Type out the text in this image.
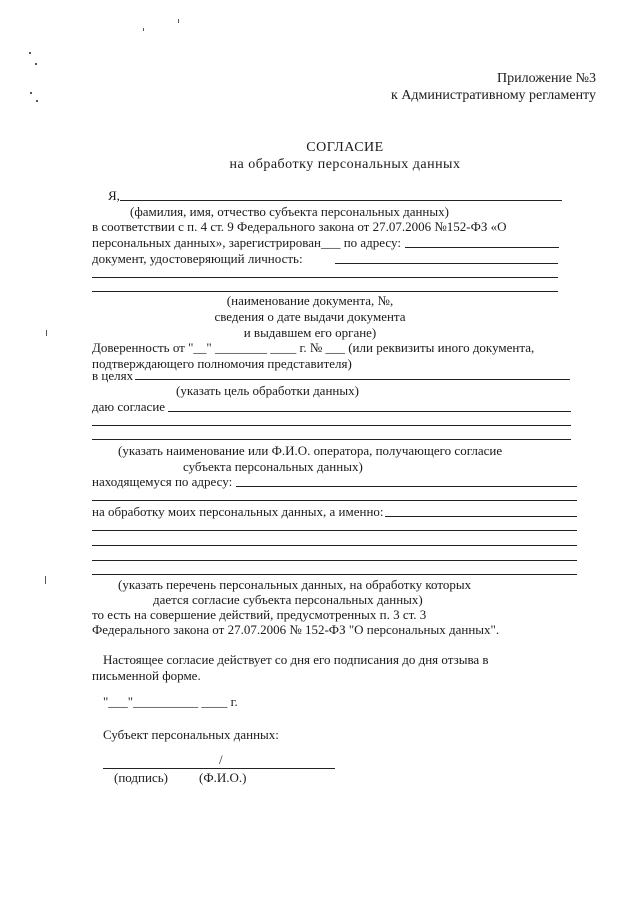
Приложение №3
к Административному регламенту
СОГЛАСИЕ
на обработку персональных данных
Я,
(фамилия, имя, отчество субъекта персональных данных)
в соответствии с п. 4 ст. 9 Федерального закона от 27.07.2006 №152-ФЗ «О
персональных данных», зарегистрирован___ по адресу:
документ, удостоверяющий личность:
(наименование документа, №,
сведения о дате выдачи документа
и выдавшем его органе)
Доверенность от "__" ________ ____ г. № ___ (или реквизиты иного документа,
подтверждающего полномочия представителя)
в целях
(указать цель обработки данных)
даю согласие
(указать наименование или Ф.И.О. оператора, получающего согласие
субъекта персональных данных)
находящемуся по адресу:
на обработку моих персональных данных, а именно:
(указать перечень персональных данных, на обработку которых
дается согласие субъекта персональных данных)
то есть на совершение действий, предусмотренных п. 3 ст. 3
Федерального закона от 27.07.2006 № 152-ФЗ "О персональных данных".
Настоящее согласие действует со дня его подписания до дня отзыва в
письменной форме.
"___"__________ ____ г.
Субъект персональных данных:
/
(подпись) (Ф.И.О.)
